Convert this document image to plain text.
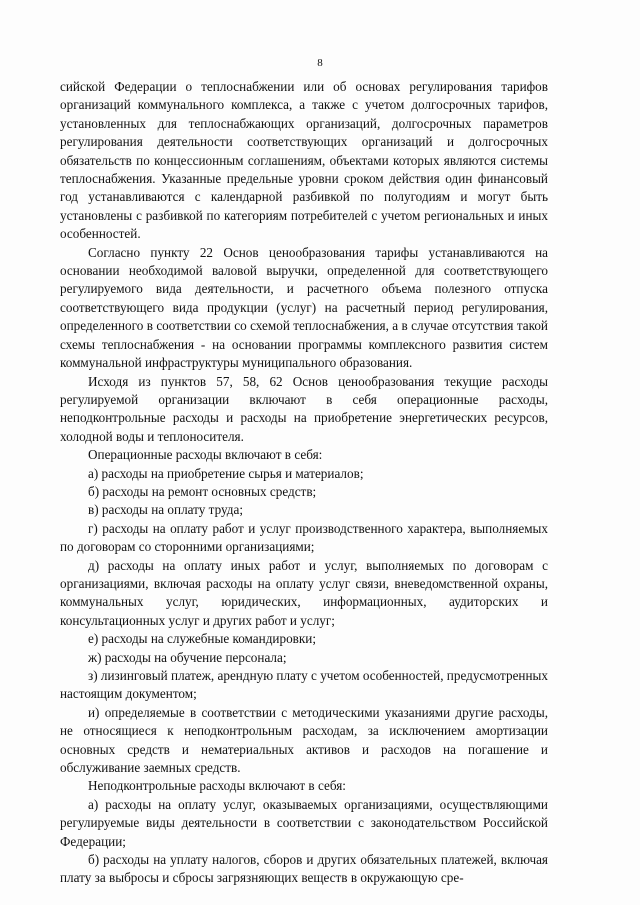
8

сийской Федерации о теплоснабжении или об основах регулирования тарифов организаций коммунального комплекса, а также с учетом долгосрочных тарифов, установленных для теплоснабжающих организаций, долгосрочных параметров регулирования деятельности соответствующих организаций и долгосрочных обязательств по концессионным соглашениям, объектами которых являются системы теплоснабжения. Указанные предельные уровни сроком действия один финансовый год устанавливаются с календарной разбивкой по полугодиям и могут быть установлены с разбивкой по категориям потребителей с учетом региональных и иных особенностей.

Согласно пункту 22 Основ ценообразования тарифы устанавливаются на основании необходимой валовой выручки, определенной для соответствующего регулируемого вида деятельности, и расчетного объема полезного отпуска соответствующего вида продукции (услуг) на расчетный период регулирования, определенного в соответствии со схемой теплоснабжения, а в случае отсутствия такой схемы теплоснабжения - на основании программы комплексного развития систем коммунальной инфраструктуры муниципального образования.

Исходя из пунктов 57, 58, 62 Основ ценообразования текущие расходы регулируемой организации включают в себя операционные расходы, неподконтрольные расходы и расходы на приобретение энергетических ресурсов, холодной воды и теплоносителя.

Операционные расходы включают в себя:

а) расходы на приобретение сырья и материалов;

б) расходы на ремонт основных средств;

в) расходы на оплату труда;

г) расходы на оплату работ и услуг производственного характера, выполняемых по договорам со сторонними организациями;

д) расходы на оплату иных работ и услуг, выполняемых по договорам с организациями, включая расходы на оплату услуг связи, вневедомственной охраны, коммунальных услуг, юридических, информационных, аудиторских и консультационных услуг и других работ и услуг;

е) расходы на служебные командировки;

ж) расходы на обучение персонала;

з) лизинговый платеж, арендную плату с учетом особенностей, предусмотренных настоящим документом;

и) определяемые в соответствии с методическими указаниями другие расходы, не относящиеся к неподконтрольным расходам, за исключением амортизации основных средств и нематериальных активов и расходов на погашение и обслуживание заемных средств.

Неподконтрольные расходы включают в себя:

а) расходы на оплату услуг, оказываемых организациями, осуществляющими регулируемые виды деятельности в соответствии с законодательством Российской Федерации;

б) расходы на уплату налогов, сборов и других обязательных платежей, включая плату за выбросы и сбросы загрязняющих веществ в окружающую сре-
